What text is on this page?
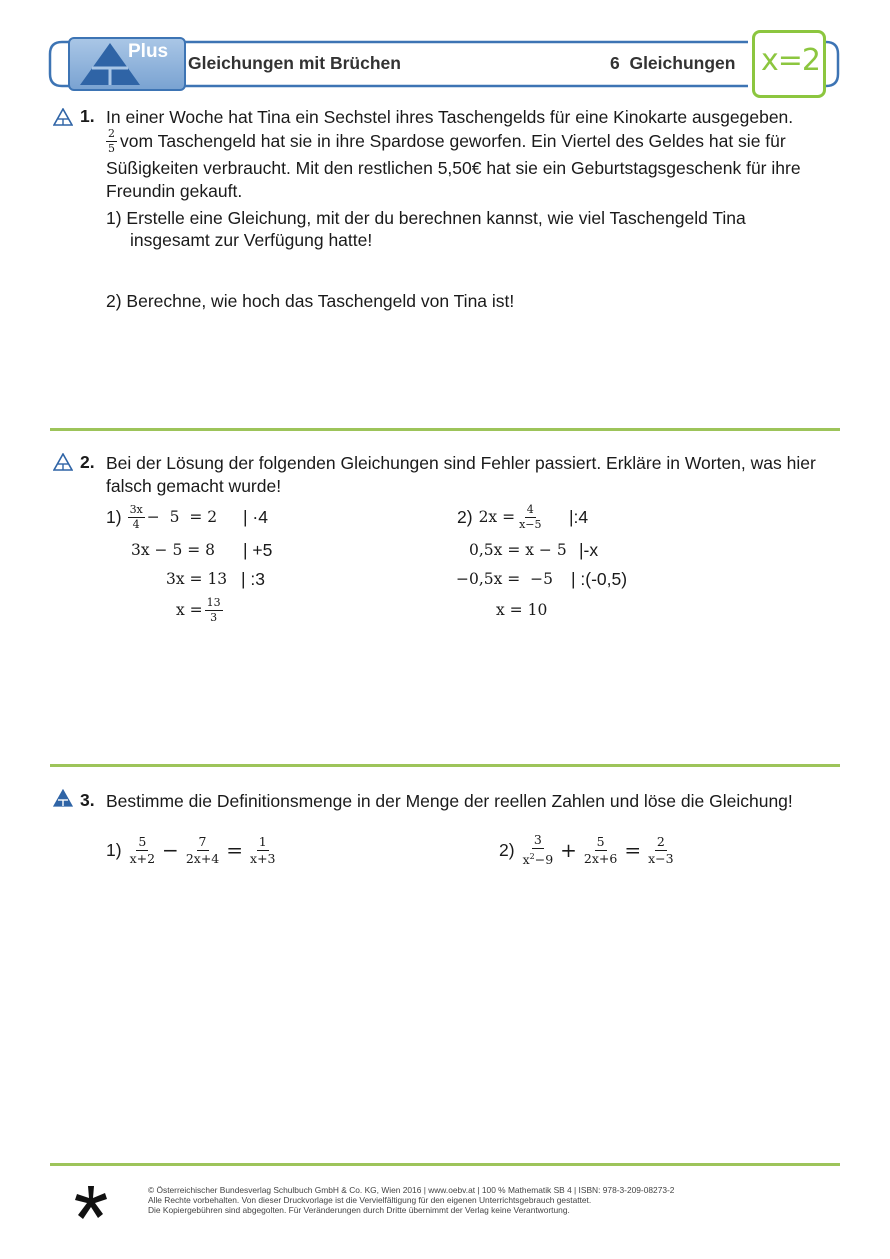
Plus
Gleichungen mit Brüchen	6  Gleichungen x=2
1. In einer Woche hat Tina ein Sechstel ihres Taschengelds für eine Kinokarte ausgegeben.
$\frac{2}{5}$ vom Taschengeld hat sie in ihre Spardose geworfen. Ein Viertel des Geldes hat sie für
Süßigkeiten verbraucht. Mit den restlichen 5,50€ hat sie ein Geburtstagsgeschenk für ihre
Freundin gekauft.
1) Erstelle eine Gleichung, mit der du berechnen kannst, wie viel Taschengeld Tina
insgesamt zur Verfügung hatte!
2) Berechne, wie hoch das Taschengeld von Tina ist!
2. Bei der Lösung der folgenden Gleichungen sind Fehler passiert. Erkläre in Worten, was hier
falsch gemacht wurde!
$1) \frac{3x}{4} - 5 = 2$ | ·4
3x − 5 = 8 | +5
3x = 13 | :3
$x = \frac{13}{3}$
2) $2x = \frac{4}{x-5}$ |:4
0,5x = x − 5 |-x
−0,5x =  −5 | :(-0,5)
x = 10
3. Bestimme die Definitionsmenge in der Menge der reellen Zahlen und löse die Gleichung!
$1) \frac{5}{x+2} - \frac{7}{2x+4} = \frac{1}{x+3}$	$2) \frac{3}{x^2-9} + \frac{5}{2x+6} = \frac{2}{x-3}$
© Österreichischer Bundesverlag Schulbuch GmbH & Co. KG, Wien 2016 | www.oebv.at | 100 % Mathematik SB 4 | ISBN: 978-3-209-08273-2
Alle Rechte vorbehalten. Von dieser Druckvorlage ist die Vervielfältigung für den eigenen Unterrichtsgebrauch gestattet.
Die Kopiergebühren sind abgegolten. Für Veränderungen durch Dritte übernimmt der Verlag keine Verantwortung.
